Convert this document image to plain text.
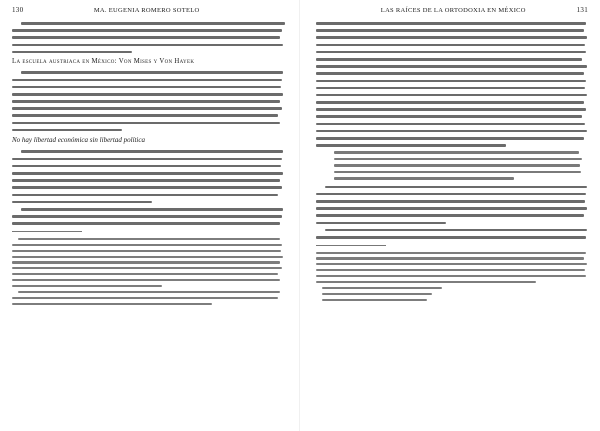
130	MA. EUGENIA ROMERO SOTELO
La escuela austriaca en México: Von Mises y Von Hayek
No hay libertad económica sin libertad política
LAS RAÍCES DE LA ORTODOXIA EN MÉXICO	131
